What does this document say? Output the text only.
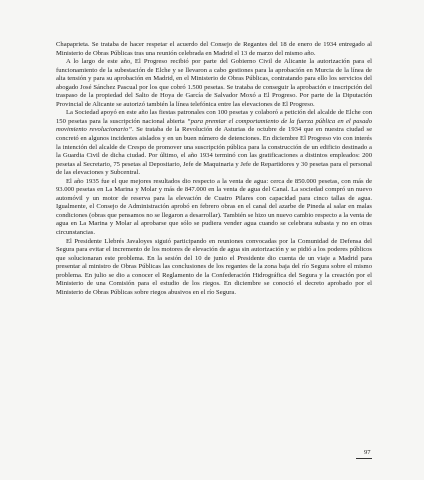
Chapaprieta. Se trataba de hacer respetar el acuerdo del Consejo de Regantes del 18 de enero de 1934 entregado al Ministerio de Obras Públicas tras una reunión celebrada en Madrid el 13 de marzo del mismo año.

A lo largo de este año, El Progreso recibió por parte del Gobierno Civil de Alicante la autorización para el funcionamiento de la subestación de Elche y se llevaron a cabo gestiones para la aprobación en Murcia de la línea de alta tensión y para su aprobación en Madrid, en el Ministerio de Obras Públicas, contratando para ello los servicios del abogado José Sánchez Pascual por los que cobró 1.500 pesetas. Se trataba de conseguir la aprobación e inscripción del traspaso de la propiedad del Salto de Hoya de García de Salvador Moxó a El Progreso. Por parte de la Diputación Provincial de Alicante se autorizó también la línea telefónica entre las elevaciones de El Progreso.

La Sociedad apoyó en este año las fiestas patronales con 100 pesetas y colaboró a petición del alcalde de Elche con 150 pesetas para la suscripción nacional abierta “para premiar el comportamiento de la fuerza pública en el pasado movimiento revolucionario”. Se trataba de la Revolución de Asturias de octubre de 1934 que en nuestra ciudad se concretó en algunos incidentes aislados y en un buen número de detenciones. En diciembre El Progreso vio con interés la intención del alcalde de Crespo de promover una suscripción pública para la construcción de un edificio destinado a la Guardia Civil de dicha ciudad. Por último, el año 1934 terminó con las gratificaciones a distintos empleados: 200 pesetas al Secretario, 75 pesetas al Depositario, Jefe de Maquinaria y Jefe de Repartidores y 30 pesetas para el personal de las elevaciones y Subcentral.

El año 1935 fue el que mejores resultados dio respecto a la venta de agua: cerca de 850.000 pesetas, con más de 93.000 pesetas en La Marina y Molar y más de 847.000 en la venta de agua del Canal. La sociedad compró un nuevo automóvil y un motor de reserva para la elevación de Cuatro Pilares con capacidad para cinco tallas de agua. Igualmente, el Consejo de Administración aprobó en febrero obras en el canal del azarbe de Pineda al salar en malas condiciones (obras que pensamos no se llegaron a desarrollar). También se hizo un nuevo cambio respecto a la venta de agua en La Marina y Molar al aprobarse que sólo se pudiera vender agua cuando se celebrara subasta y no en otras circunstancias.

El Presidente Llebrés Javaloyes siguió participando en reuniones convocadas por la Comunidad de Defensa del Segura para evitar el incremento de los motores de elevación de agua sin autorización y se pidió a los poderes públicos que solucionaran este problema. En la sesión del 10 de junio el Presidente dio cuenta de un viaje a Madrid para presentar al ministro de Obras Públicas las conclusiones de los regantes de la zona baja del río Segura sobre el mismo problema. En julio se dio a conocer el Reglamento de la Confederación Hidrográfica del Segura y la creación por el Ministerio de una Comisión para el estudio de los riegos. En diciembre se conoció el decreto aprobado por el Ministerio de Obras Públicas sobre riegos abusivos en el río Segura.

97
